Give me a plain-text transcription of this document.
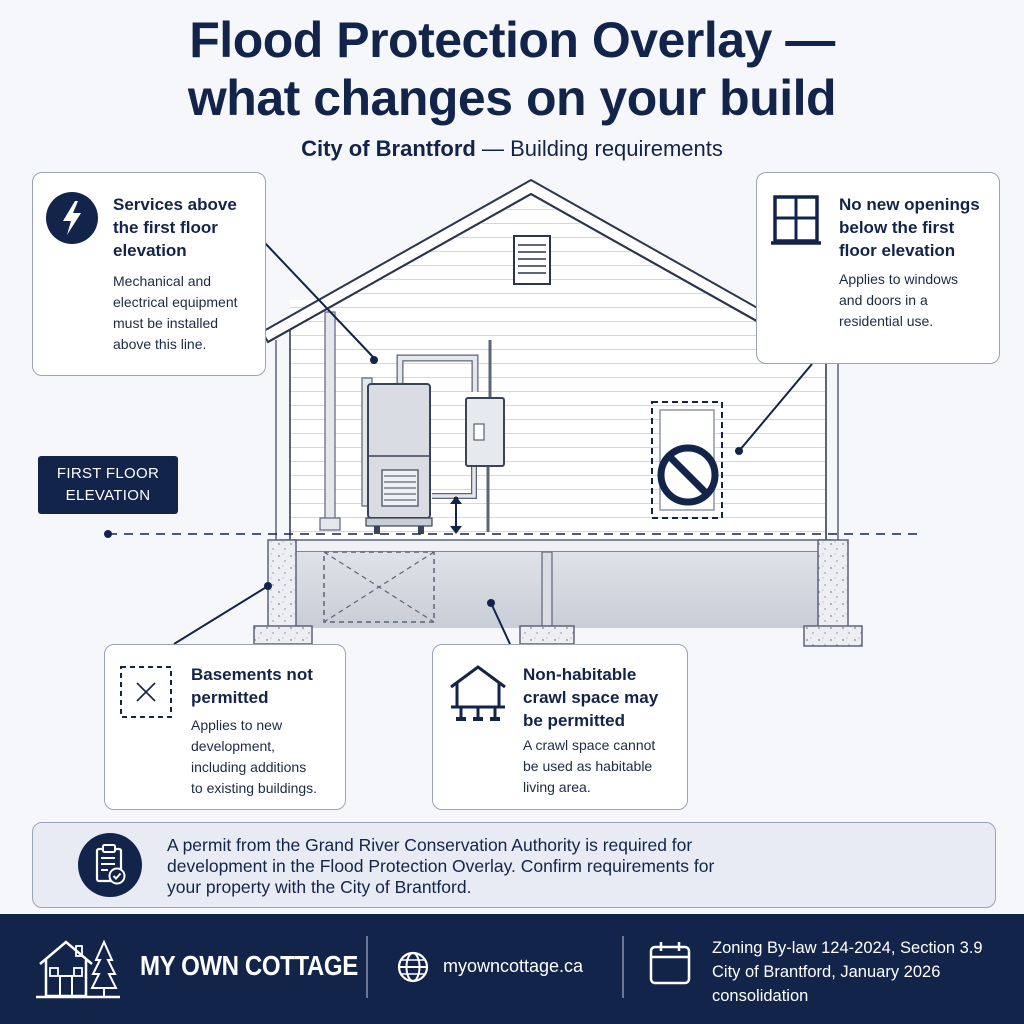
Flood Protection Overlay —
what changes on your build
City of Brantford — Building requirements
FIRST FLOOR
ELEVATION
Services above
the first floor
elevation
Mechanical and
electrical equipment
must be installed
above this line.
No new openings
below the first
floor elevation
Applies to windows
and doors in a
residential use.
Basements not
permitted
Applies to new
development,
including additions
to existing buildings.
Non-habitable
crawl space may
be permitted
A crawl space cannot
be used as habitable
living area.
A permit from the Grand River Conservation Authority is required for
development in the Flood Protection Overlay. Confirm requirements for
your property with the City of Brantford.
MY OWN COTTAGE	myowncottage.ca
Zoning By-law 124-2024, Section 3.9
City of Brantford, January 2026
consolidation
